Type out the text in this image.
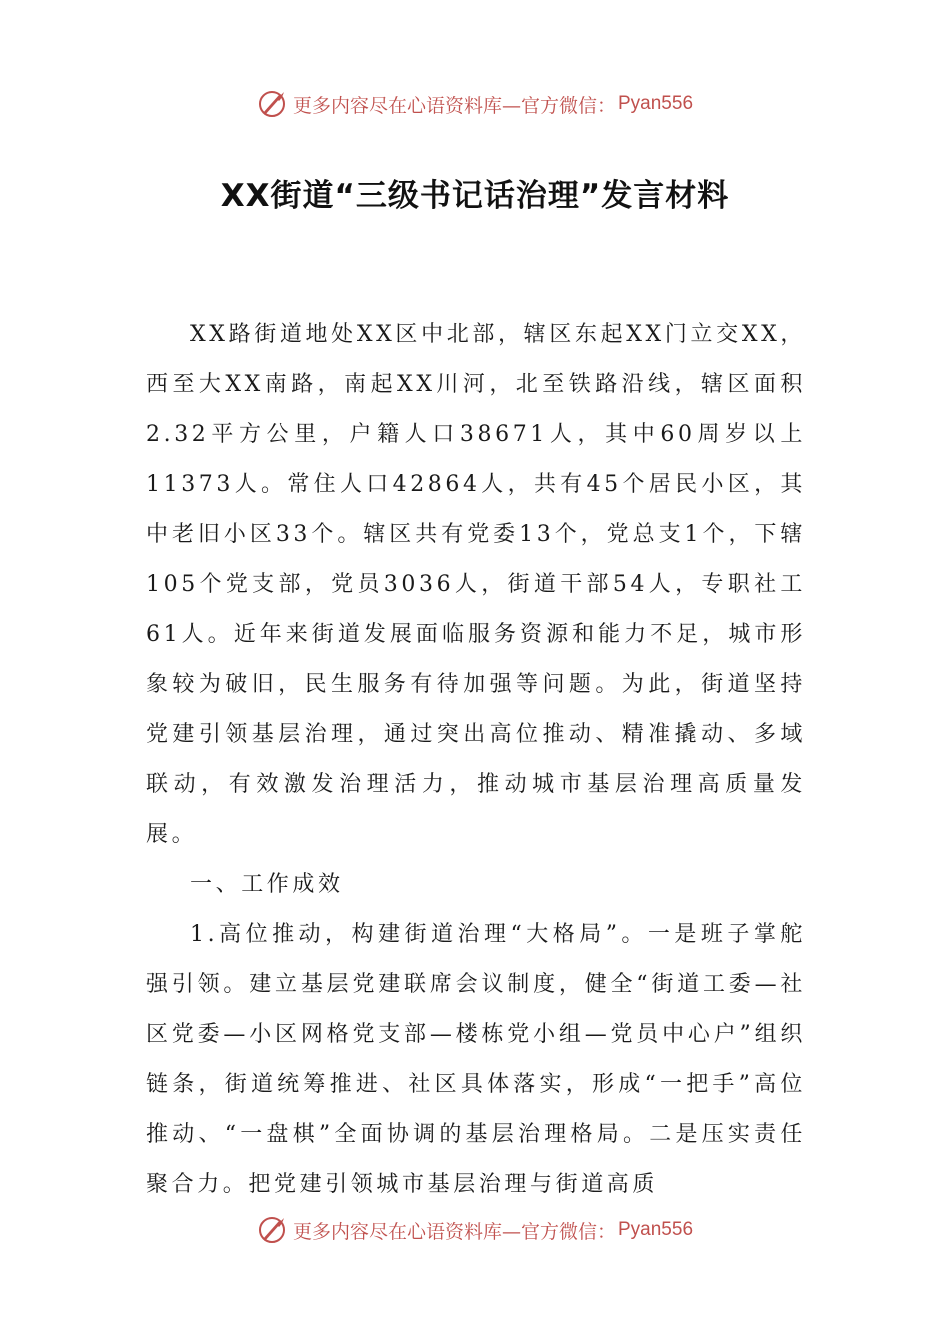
更多内容尽在心语资料库—官方微信： Pyan556
XX街道“三级书记话治理”发言材料

XX路街道地处XX区中北部，辖区东起XX门立交XX，西至大XX南路，南起XX川河，北至铁路沿线，辖区面积2.32平方公里，户籍人口38671人，其中60周岁以上11373人。常住人口42864人，共有45个居民小区，其中老旧小区33个。辖区共有党委13个，党总支1个，下辖105个党支部，党员3036人，街道干部54人，专职社工61人。近年来街道发展面临服务资源和能力不足，城市形象较为破旧，民生服务有待加强等问题。为此，街道坚持党建引领基层治理，通过突出高位推动、精准撬动、多域联动，有效激发治理活力，推动城市基层治理高质量发展。

一、工作成效

1.高位推动，构建街道治理“大格局”。一是班子掌舵强引领。建立基层党建联席会议制度，健全“街道工委—社区党委—小区网格党支部—楼栋党小组—党员中心户”组织链条，街道统筹推进、社区具体落实，形成“一把手”高位推动、“一盘棋”全面协调的基层治理格局。二是压实责任聚合力。把党建引领城市基层治理与街道高质

更多内容尽在心语资料库—官方微信： Pyan556
